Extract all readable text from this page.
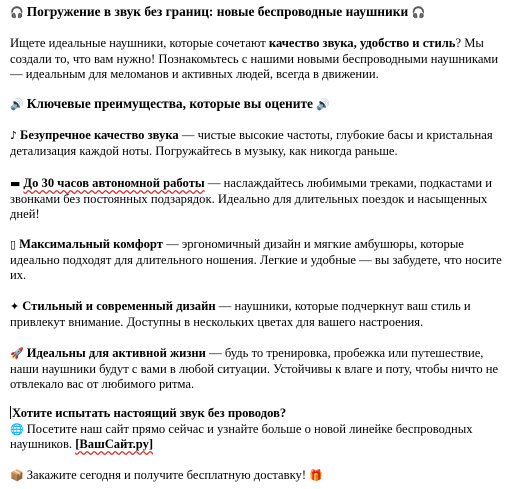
🎧 Погружение в звук без границ: новые беспроводные наушники 🎧

Ищете идеальные наушники, которые сочетают качество звука, удобство и стиль? Мы создали то, что вам нужно! Познакомьтесь с нашими новыми беспроводными наушниками — идеальным для меломанов и активных людей, всегда в движении.

🔊 Ключевые преимущества, которые вы оцените 🔊

♪ Безупречное качество звука — чистые высокие частоты, глубокие басы и кристальная детализация каждой ноты. Погружайтесь в музыку, как никогда раньше.

▬ До 30 часов автономной работы — наслаждайтесь любимыми треками, подкастами и звонками без постоянных подзарядок. Идеально для длительных поездок и насыщенных дней!

▯ Максимальный комфорт — эргономичный дизайн и мягкие амбушюры, которые идеально подходят для длительного ношения. Легкие и удобные — вы забудете, что носите их.

✦ Стильный и современный дизайн — наушники, которые подчеркнут ваш стиль и привлекут внимание. Доступны в нескольких цветах для вашего настроения.

🚀 Идеальны для активной жизни — будь то тренировка, пробежка или путешествие, наши наушники будут с вами в любой ситуации. Устойчивы к влаге и поту, чтобы ничто не отвлекало вас от любимого ритма.

Хотите испытать настоящий звук без проводов?
🌐 Посетите наш сайт прямо сейчас и узнайте больше о новой линейке беспроводных наушников. [ВашСайт.ру]

📦 Закажите сегодня и получите бесплатную доставку! 🎁
